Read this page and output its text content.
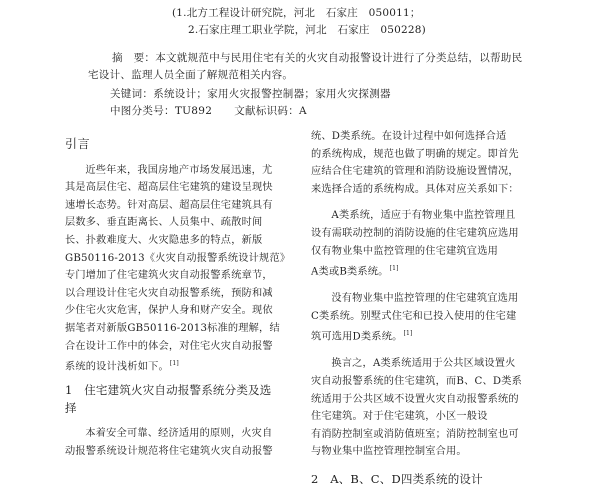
(1.北方工程设计研究院，河北　石家庄　050011；
2.石家庄理工职业学院，河北　石家庄　050228)
摘　要：本文就规范中与民用住宅有关的火灾自动报警设计进行了分类总结，以帮助民
宅设计、监理人员全面了解规范相关内容。
关键词：系统设计；家用火灾报警控制器；家用火灾探测器
中图分类号：TU892 文献标识码：A
引言

近些年来，我国房地产市场发展迅速，尤

其是高层住宅、超高层住宅建筑的建设呈现快

速增长态势。针对高层、超高层住宅建筑具有

层数多、垂直距离长、人员集中、疏散时间

长、扑救难度大、火灾隐患多的特点，新版

GB50116-2013《火灾自动报警系统设计规范》

专门增加了住宅建筑火灾自动报警系统章节，

以合理设计住宅火灾自动报警系统，预防和减

少住宅火灾危害，保护人身和财产安全。现依

据笔者对新版GB50116-2013标准的理解，结

合在设计工作中的体会，对住宅火灾自动报警

系统的设计浅析如下。[1]

1　住宅建筑火灾自动报警系统分类及选
择

本着安全可靠、经济适用的原则，火灾自

动报警系统设计规范将住宅建筑火灾自动报警

统、D类系统。在设计过程中如何选择合适

的系统构成，规范也做了明确的规定。即首先

应结合住宅建筑的管理和消防设施设置情况，

来选择合适的系统构成。具体对应关系如下：

A类系统，适应于有物业集中监控管理且

设有需联动控制的消防设施的住宅建筑应选用

仅有物业集中监控管理的住宅建筑宜选用

A类或B类系统。[1]

没有物业集中监控管理的住宅建筑宜选用

C类系统。别墅式住宅和已投入使用的住宅建

筑可选用D类系统。[1]

换言之，A类系统适用于公共区域设置火

灾自动报警系统的住宅建筑，而B、C、D类系

统适用于公共区域不设置火灾自动报警系统的

住宅建筑。对于住宅建筑，小区一般设

有消防控制室或消防值班室；消防控制室也可

与物业集中监控管理控制室合用。

2　A、B、C、D四类系统的设计
